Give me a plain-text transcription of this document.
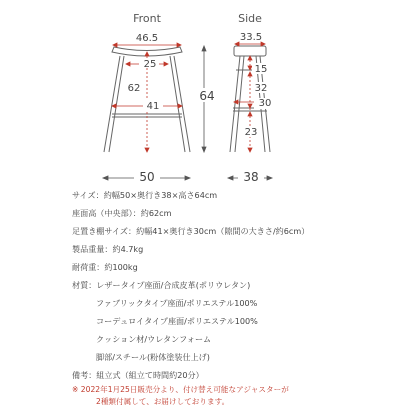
Front	Side
46.5
25
62
41
50
64
33.5
15
32
30
23
38
サイズ：約幅50×奥行き38×高さ64cm
座面高（中央部）：約62cm
足置き棚サイズ：約幅41×奥行き30cm（隙間の大きさ/約6cm）
製品重量：約4.7kg
耐荷重：約100kg
材質：レザータイプ座面/合成皮革(ポリウレタン)
ファブリックタイプ座面/ポリエステル100%
コーデュロイタイプ座面/ポリエステル100%
クッション材/ウレタンフォーム
脚部/スチール(粉体塗装仕上げ)
備考：組立式（組立て時間約20分）
※ 2022年1月25日販売分より、付け替え可能なアジャスターが
2種類付属して、お届けしております。
